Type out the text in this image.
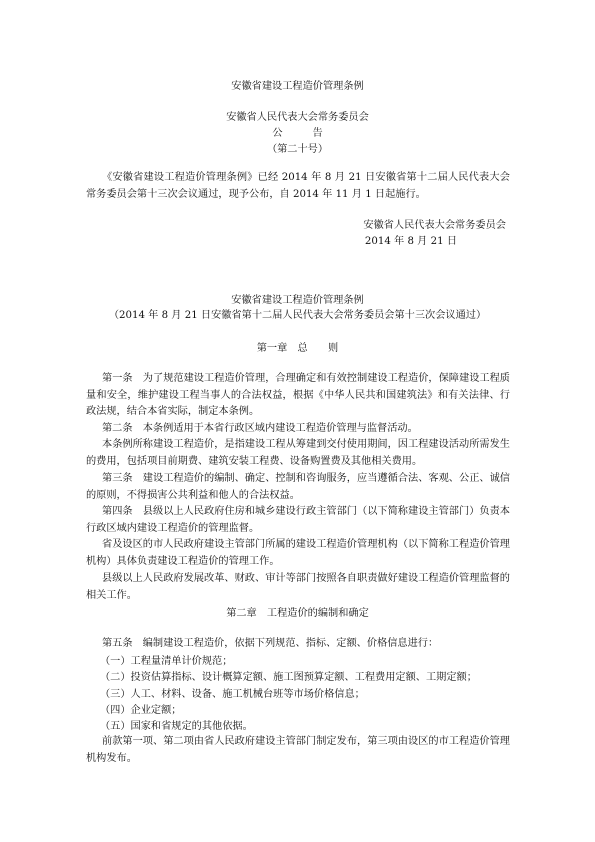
安徽省建设工程造价管理条例
安徽省人民代表大会常务委员会
公	告
（第二十号）
《安徽省建设工程造价管理条例》已经 2014 年 8 月 21 日安徽省第十二届人民代表大会常务委员会第十三次会议通过，现予公布，自 2014 年 11 月 1 日起施行。
安徽省人民代表大会常务委员会
2014 年 8 月 21 日
安徽省建设工程造价管理条例
（2014 年 8 月 21 日安徽省第十二届人民代表大会常务委员会第十三次会议通过）
第一章　总　　则
第一条　为了规范建设工程造价管理，合理确定和有效控制建设工程造价，保障建设工程质量和安全，维护建设工程当事人的合法权益，根据《中华人民共和国建筑法》和有关法律、行政法规，结合本省实际，制定本条例。
第二条　本条例适用于本省行政区域内建设工程造价管理与监督活动。
本条例所称建设工程造价，是指建设工程从筹建到交付使用期间，因工程建设活动所需发生的费用，包括项目前期费、建筑安装工程费、设备购置费及其他相关费用。
第三条　建设工程造价的编制、确定、控制和咨询服务，应当遵循合法、客观、公正、诚信的原则，不得损害公共利益和他人的合法权益。
第四条　县级以上人民政府住房和城乡建设行政主管部门（以下简称建设主管部门）负责本行政区域内建设工程造价的管理监督。
省及设区的市人民政府建设主管部门所属的建设工程造价管理机构（以下简称工程造价管理机构）具体负责建设工程造价的管理工作。
县级以上人民政府发展改革、财政、审计等部门按照各自职责做好建设工程造价管理监督的相关工作。
第二章　工程造价的编制和确定
第五条　编制建设工程造价，依据下列规范、指标、定额、价格信息进行：
（一）工程量清单计价规范；
（二）投资估算指标、设计概算定额、施工图预算定额、工程费用定额、工期定额；
（三）人工、材料、设备、施工机械台班等市场价格信息；
（四）企业定额；
（五）国家和省规定的其他依据。
前款第一项、第二项由省人民政府建设主管部门制定发布，第三项由设区的市工程造价管理机构发布。
